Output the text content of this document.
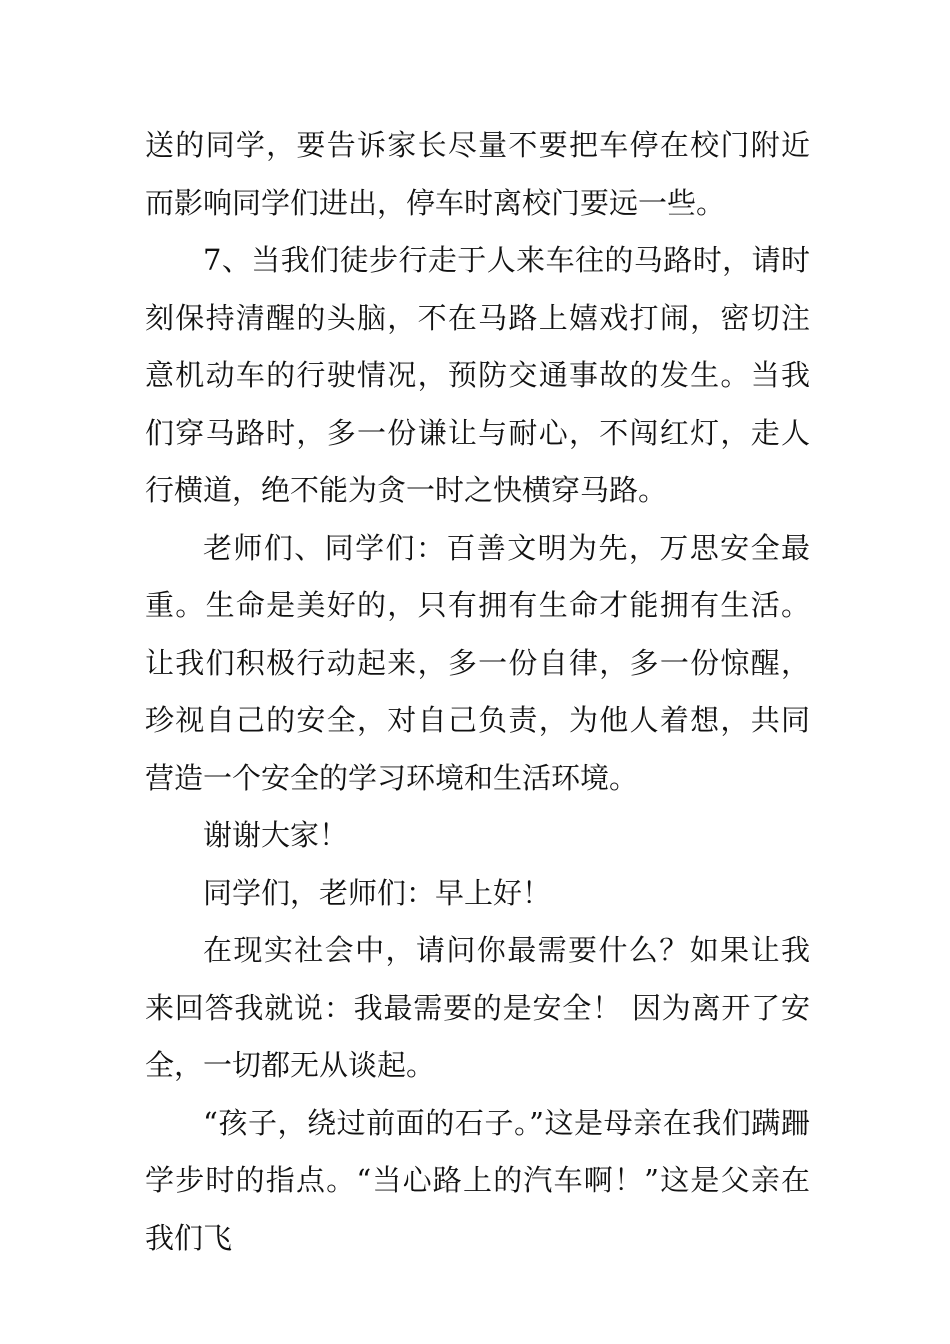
送的同学，要告诉家长尽量不要把车停在校门附近而影响同学们进出，停车时离校门要远一些。

7、当我们徒步行走于人来车往的马路时，请时刻保持清醒的头脑，不在马路上嬉戏打闹，密切注意机动车的行驶情况，预防交通事故的发生。当我们穿马路时，多一份谦让与耐心，不闯红灯，走人行横道，绝不能为贪一时之快横穿马路。

老师们、同学们：百善文明为先，万思安全最重。生命是美好的，只有拥有生命才能拥有生活。让我们积极行动起来，多一份自律，多一份惊醒，珍视自己的安全，对自己负责，为他人着想，共同营造一个安全的学习环境和生活环境。

谢谢大家！

同学们，老师们：早上好！

在现实社会中，请问你最需要什么？如果让我来回答我就说：我最需要的是安全！ 因为离开了安全，一切都无从谈起。

“孩子，绕过前面的石子。”这是母亲在我们蹒跚学步时的指点。“当心路上的汽车啊！”这是父亲在我们飞
